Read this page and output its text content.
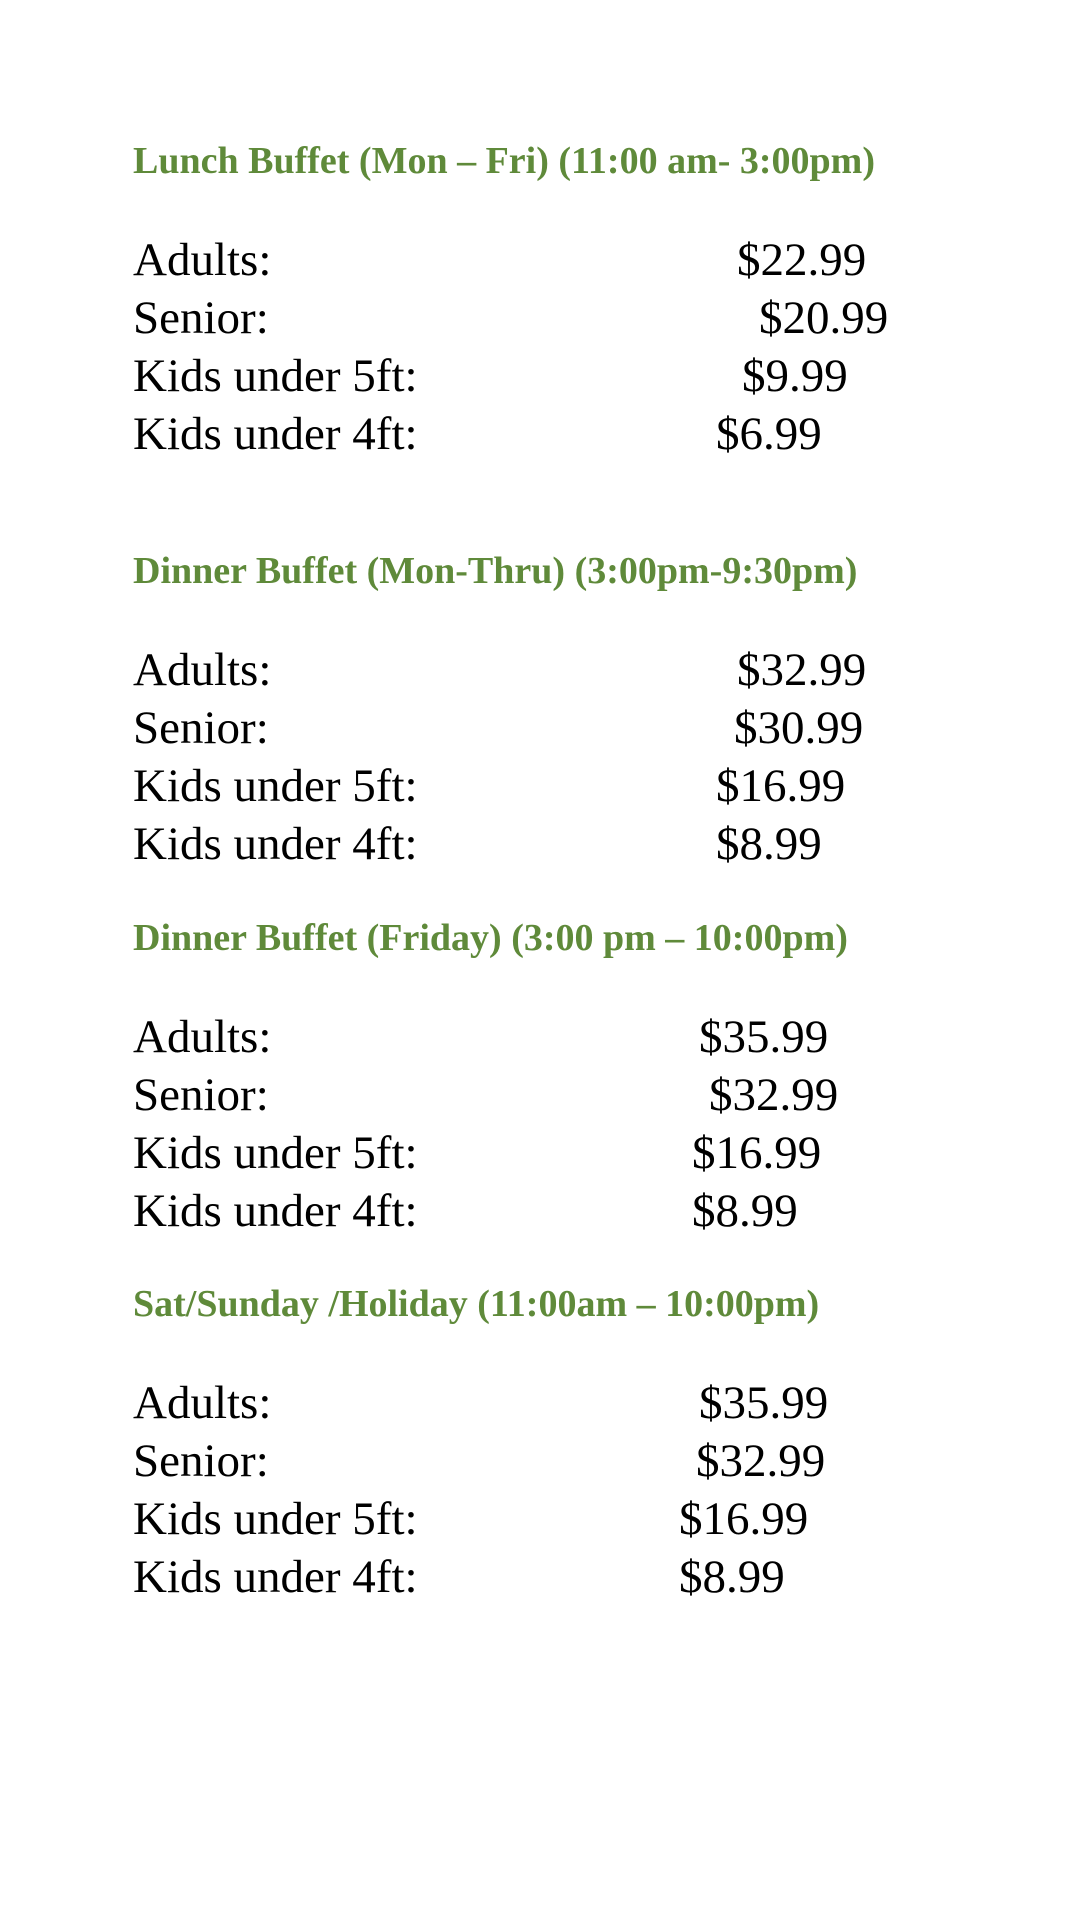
Lunch Buffet (Mon – Fri) (11:00 am- 3:00pm)
Adults:	$22.99
Senior:	$20.99
Kids under 5ft:	$9.99
Kids under 4ft:	$6.99
Dinner Buffet (Mon-Thru) (3:00pm-9:30pm)
Adults:	$32.99
Senior:	$30.99
Kids under 5ft:	$16.99
Kids under 4ft:	$8.99
Dinner Buffet (Friday) (3:00 pm – 10:00pm)
Adults:	$35.99
Senior:	$32.99
Kids under 5ft:	$16.99
Kids under 4ft:	$8.99
Sat/Sunday /Holiday (11:00am – 10:00pm)
Adults:	$35.99
Senior:	$32.99
Kids under 5ft:	$16.99
Kids under 4ft:	$8.99
